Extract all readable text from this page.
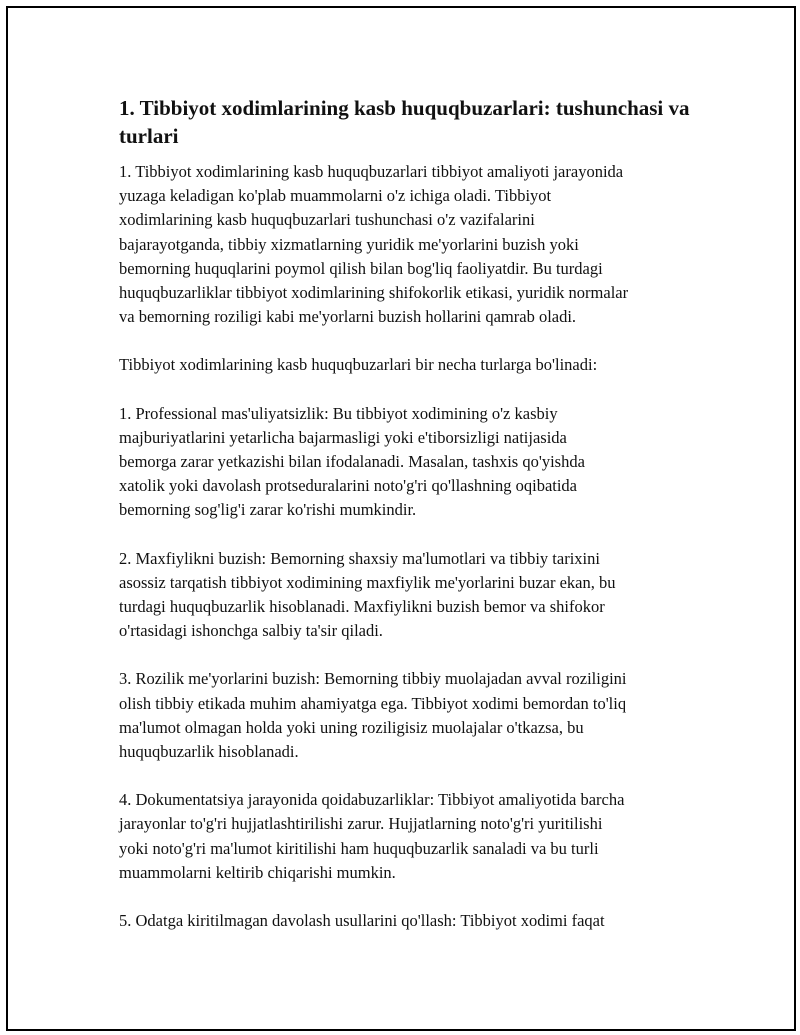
1. Tibbiyot xodimlarining kasb huquqbuzarlari: tushunchasi va turlari

1. Tibbiyot xodimlarining kasb huquqbuzarlari tibbiyot amaliyoti jarayonida
yuzaga keladigan ko'plab muammolarni o'z ichiga oladi. Tibbiyot
xodimlarining kasb huquqbuzarlari tushunchasi o'z vazifalarini
bajarayotganda, tibbiy xizmatlarning yuridik me'yorlarini buzish yoki
bemorning huquqlarini poymol qilish bilan bog'liq faoliyatdir. Bu turdagi
huquqbuzarliklar tibbiyot xodimlarining shifokorlik etikasi, yuridik normalar
va bemorning roziligi kabi me'yorlarni buzish hollarini qamrab oladi.

Tibbiyot xodimlarining kasb huquqbuzarlari bir necha turlarga bo'linadi:

1. Professional mas'uliyatsizlik: Bu tibbiyot xodimining o'z kasbiy
majburiyatlarini yetarlicha bajarmasligi yoki e'tiborsizligi natijasida
bemorga zarar yetkazishi bilan ifodalanadi. Masalan, tashxis qo'yishda
xatolik yoki davolash protseduralarini noto'g'ri qo'llashning oqibatida
bemorning sog'lig'i zarar ko'rishi mumkindir.

2. Maxfiylikni buzish: Bemorning shaxsiy ma'lumotlari va tibbiy tarixini
asossiz tarqatish tibbiyot xodimining maxfiylik me'yorlarini buzar ekan, bu
turdagi huquqbuzarlik hisoblanadi. Maxfiylikni buzish bemor va shifokor
o'rtasidagi ishonchga salbiy ta'sir qiladi.

3. Rozilik me'yorlarini buzish: Bemorning tibbiy muolajadan avval roziligini
olish tibbiy etikada muhim ahamiyatga ega. Tibbiyot xodimi bemordan to'liq
ma'lumot olmagan holda yoki uning roziligisiz muolajalar o'tkazsa, bu
huquqbuzarlik hisoblanadi.

4. Dokumentatsiya jarayonida qoidabuzarliklar: Tibbiyot amaliyotida barcha
jarayonlar to'g'ri hujjatlashtirilishi zarur. Hujjatlarning noto'g'ri yuritilishi
yoki noto'g'ri ma'lumot kiritilishi ham huquqbuzarlik sanaladi va bu turli
muammolarni keltirib chiqarishi mumkin.

5. Odatga kiritilmagan davolash usullarini qo'llash: Tibbiyot xodimi faqat
